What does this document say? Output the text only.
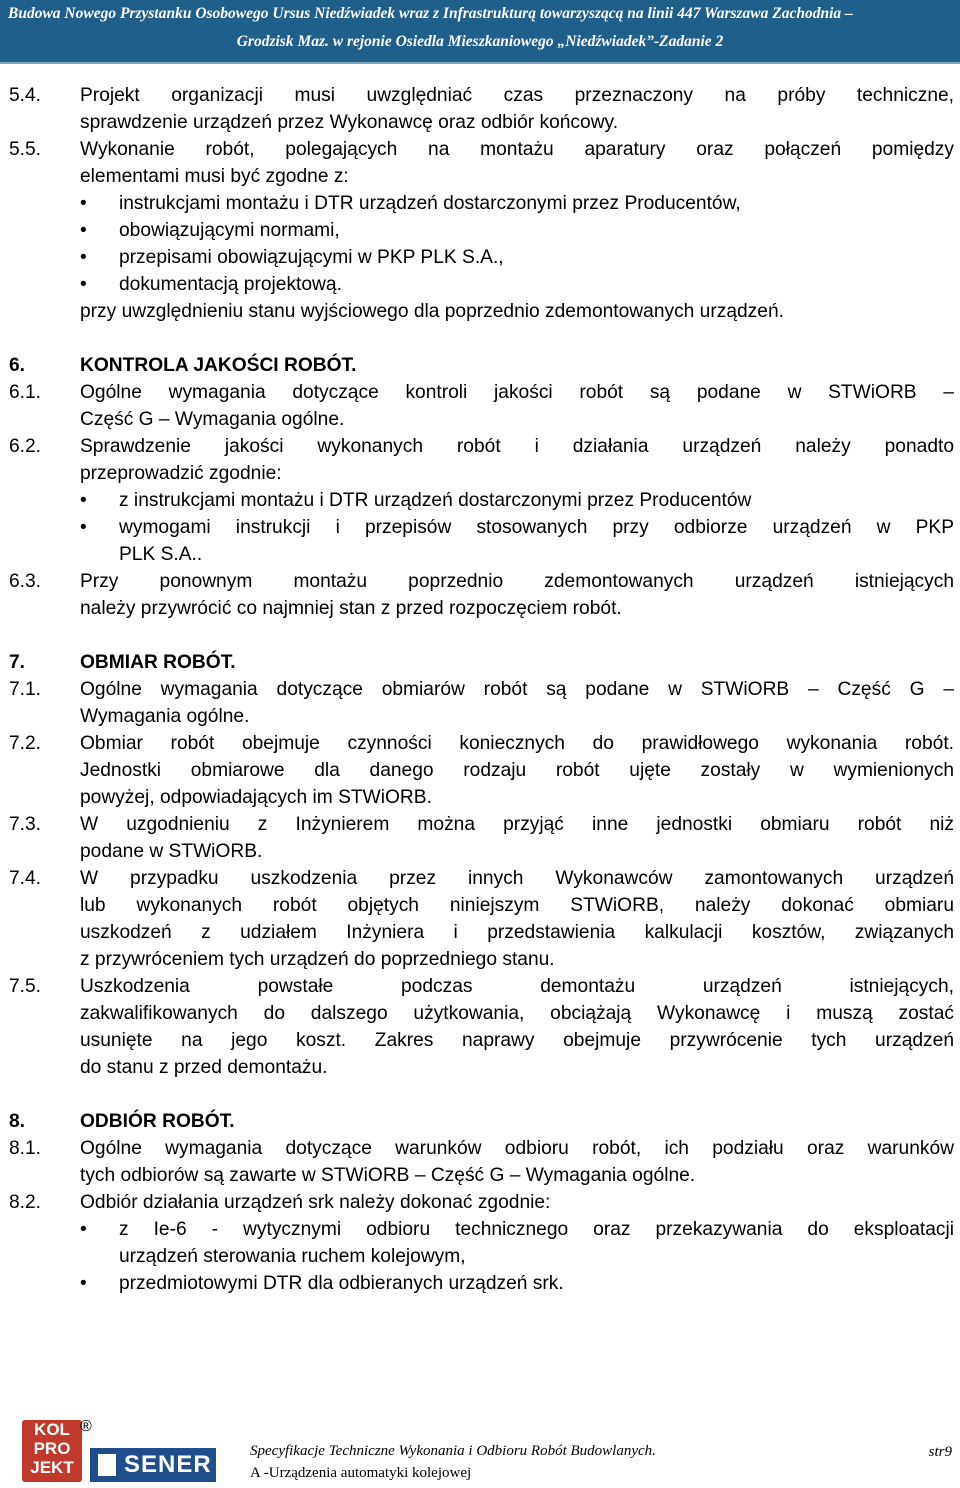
Budowa Nowego Przystanku Osobowego Ursus Niedźwiadek wraz z Infrastrukturą towarzyszącą na linii 447 Warszawa Zachodnia –
Grodzisk Maz. w rejonie Osiedla Mieszkaniowego „Niedźwiadek”-Zadanie 2
5.4. Projekt organizacji musi uwzględniać czas przeznaczony na próby techniczne,
sprawdzenie urządzeń przez Wykonawcę oraz odbiór końcowy.
5.5. Wykonanie robót, polegających na montażu aparatury oraz połączeń pomiędzy
elementami musi być zgodne z:
• instrukcjami montażu i DTR urządzeń dostarczonymi przez Producentów,
• obowiązującymi normami,
• przepisami obowiązującymi w PKP PLK S.A.,
• dokumentacją projektową.
przy uwzględnieniu stanu wyjściowego dla poprzednio zdemontowanych urządzeń.
6.	KONTROLA JAKOŚCI ROBÓT.
6.1. Ogólne wymagania dotyczące kontroli jakości robót są podane w STWiORB –
Część G – Wymagania ogólne.
6.2. Sprawdzenie jakości wykonanych robót i działania urządzeń należy ponadto
przeprowadzić zgodnie:
• z instrukcjami montażu i DTR urządzeń dostarczonymi przez Producentów
• wymogami instrukcji i przepisów stosowanych przy odbiorze urządzeń w PKP
PLK S.A..
6.3. Przy ponownym montażu poprzednio zdemontowanych urządzeń istniejących
należy przywrócić co najmniej stan z przed rozpoczęciem robót.
7.	OBMIAR ROBÓT.
7.1. Ogólne wymagania dotyczące obmiarów robót są podane w STWiORB – Część G –
Wymagania ogólne.
7.2. Obmiar robót obejmuje czynności koniecznych do prawidłowego wykonania robót.
Jednostki obmiarowe dla danego rodzaju robót ujęte zostały w wymienionych
powyżej, odpowiadających im STWiORB.
7.3. W uzgodnieniu z Inżynierem można przyjąć inne jednostki obmiaru robót niż
podane w STWiORB.
7.4. W przypadku uszkodzenia przez innych Wykonawców zamontowanych urządzeń
lub wykonanych robót objętych niniejszym STWiORB, należy dokonać obmiaru
uszkodzeń z udziałem Inżyniera i przedstawienia kalkulacji kosztów, związanych
z przywróceniem tych urządzeń do poprzedniego stanu.
7.5. Uszkodzenia powstałe podczas demontażu urządzeń istniejących,
zakwalifikowanych do dalszego użytkowania, obciążają Wykonawcę i muszą zostać
usunięte na jego koszt. Zakres naprawy obejmuje przywrócenie tych urządzeń
do stanu z przed demontażu.
8.	ODBIÓR ROBÓT.
8.1. Ogólne wymagania dotyczące warunków odbioru robót, ich podziału oraz warunków
tych odbiorów są zawarte w STWiORB – Część G – Wymagania ogólne.
8.2. Odbiór działania urządzeń srk należy dokonać zgodnie:
• z Ie-6 - wytycznymi odbioru technicznego oraz przekazywania do eksploatacji
urządzeń sterowania ruchem kolejowym,
• przedmiotowymi DTR dla odbieranych urządzeń srk.
KOL
PRO
JEKT
®
SENER	Specyfikacje Techniczne Wykonania i Odbioru Robót Budowlanych.
A -Urządzenia automatyki kolejowej
str9
